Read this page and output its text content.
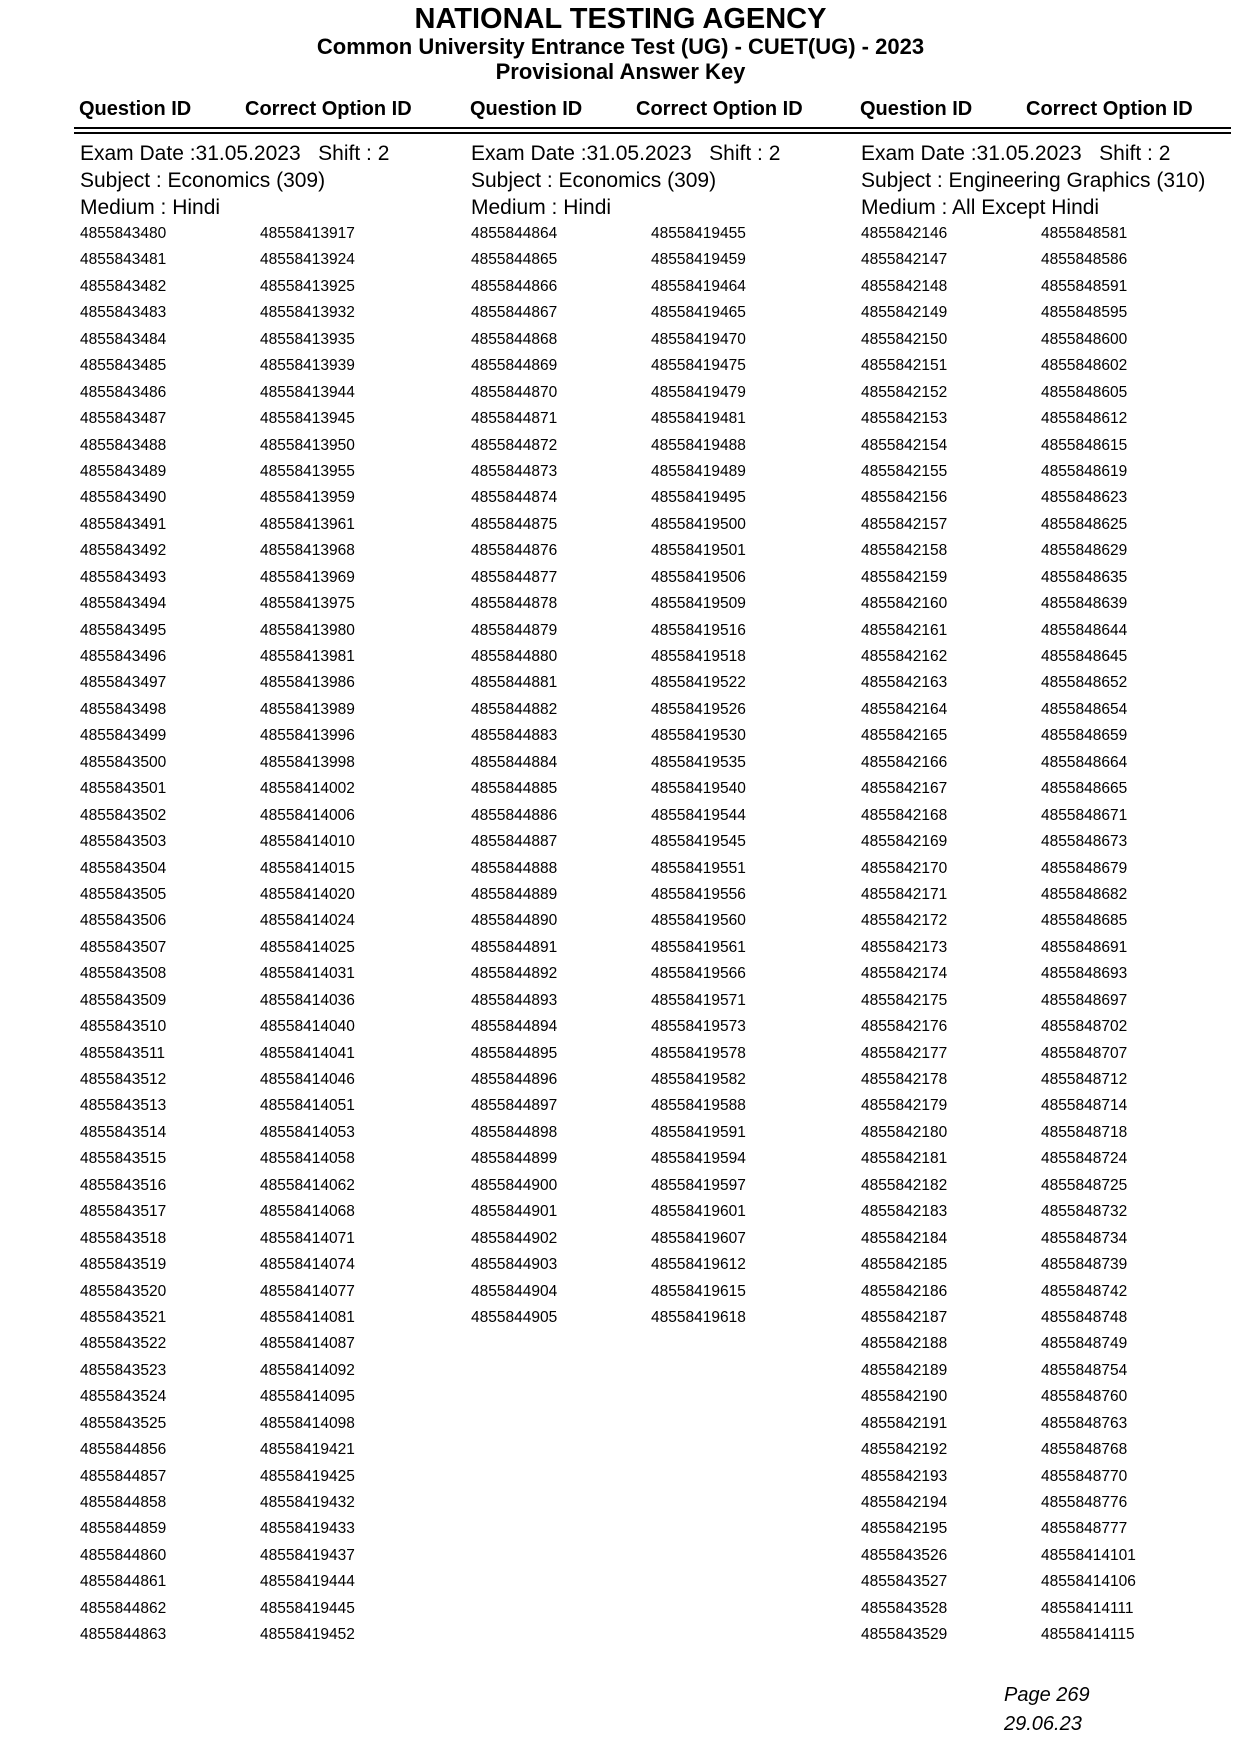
NATIONAL TESTING AGENCY
Common University Entrance Test (UG) - CUET(UG) - 2023
Provisional Answer Key
Question ID	Correct Option ID	Question ID	Correct Option ID	Question ID	Correct Option ID
Exam Date :31.05.2023 Shift : 2
Subject : Economics (309)
Medium : Hindi
4855843480	48558413917
4855843481	48558413924
4855843482	48558413925
4855843483	48558413932
4855843484	48558413935
4855843485	48558413939
4855843486	48558413944
4855843487	48558413945
4855843488	48558413950
4855843489	48558413955
4855843490	48558413959
4855843491	48558413961
4855843492	48558413968
4855843493	48558413969
4855843494	48558413975
4855843495	48558413980
4855843496	48558413981
4855843497	48558413986
4855843498	48558413989
4855843499	48558413996
4855843500	48558413998
4855843501	48558414002
4855843502	48558414006
4855843503	48558414010
4855843504	48558414015
4855843505	48558414020
4855843506	48558414024
4855843507	48558414025
4855843508	48558414031
4855843509	48558414036
4855843510	48558414040
4855843511	48558414041
4855843512	48558414046
4855843513	48558414051
4855843514	48558414053
4855843515	48558414058
4855843516	48558414062
4855843517	48558414068
4855843518	48558414071
4855843519	48558414074
4855843520	48558414077
4855843521	48558414081
4855843522	48558414087
4855843523	48558414092
4855843524	48558414095
4855843525	48558414098
4855844856	48558419421
4855844857	48558419425
4855844858	48558419432
4855844859	48558419433
4855844860	48558419437
4855844861	48558419444
4855844862	48558419445
4855844863	48558419452
Exam Date :31.05.2023 Shift : 2
Subject : Economics (309)
Medium : Hindi
4855844864	48558419455
4855844865	48558419459
4855844866	48558419464
4855844867	48558419465
4855844868	48558419470
4855844869	48558419475
4855844870	48558419479
4855844871	48558419481
4855844872	48558419488
4855844873	48558419489
4855844874	48558419495
4855844875	48558419500
4855844876	48558419501
4855844877	48558419506
4855844878	48558419509
4855844879	48558419516
4855844880	48558419518
4855844881	48558419522
4855844882	48558419526
4855844883	48558419530
4855844884	48558419535
4855844885	48558419540
4855844886	48558419544
4855844887	48558419545
4855844888	48558419551
4855844889	48558419556
4855844890	48558419560
4855844891	48558419561
4855844892	48558419566
4855844893	48558419571
4855844894	48558419573
4855844895	48558419578
4855844896	48558419582
4855844897	48558419588
4855844898	48558419591
4855844899	48558419594
4855844900	48558419597
4855844901	48558419601
4855844902	48558419607
4855844903	48558419612
4855844904	48558419615
4855844905	48558419618
Exam Date :31.05.2023 Shift : 2
Subject : Engineering Graphics (310)
Medium : All Except Hindi
4855842146	4855848581
4855842147	4855848586
4855842148	4855848591
4855842149	4855848595
4855842150	4855848600
4855842151	4855848602
4855842152	4855848605
4855842153	4855848612
4855842154	4855848615
4855842155	4855848619
4855842156	4855848623
4855842157	4855848625
4855842158	4855848629
4855842159	4855848635
4855842160	4855848639
4855842161	4855848644
4855842162	4855848645
4855842163	4855848652
4855842164	4855848654
4855842165	4855848659
4855842166	4855848664
4855842167	4855848665
4855842168	4855848671
4855842169	4855848673
4855842170	4855848679
4855842171	4855848682
4855842172	4855848685
4855842173	4855848691
4855842174	4855848693
4855842175	4855848697
4855842176	4855848702
4855842177	4855848707
4855842178	4855848712
4855842179	4855848714
4855842180	4855848718
4855842181	4855848724
4855842182	4855848725
4855842183	4855848732
4855842184	4855848734
4855842185	4855848739
4855842186	4855848742
4855842187	4855848748
4855842188	4855848749
4855842189	4855848754
4855842190	4855848760
4855842191	4855848763
4855842192	4855848768
4855842193	4855848770
4855842194	4855848776
4855842195	4855848777
4855843526	48558414101
4855843527	48558414106
4855843528	48558414111
4855843529	48558414115
Page 269
29.06.23
